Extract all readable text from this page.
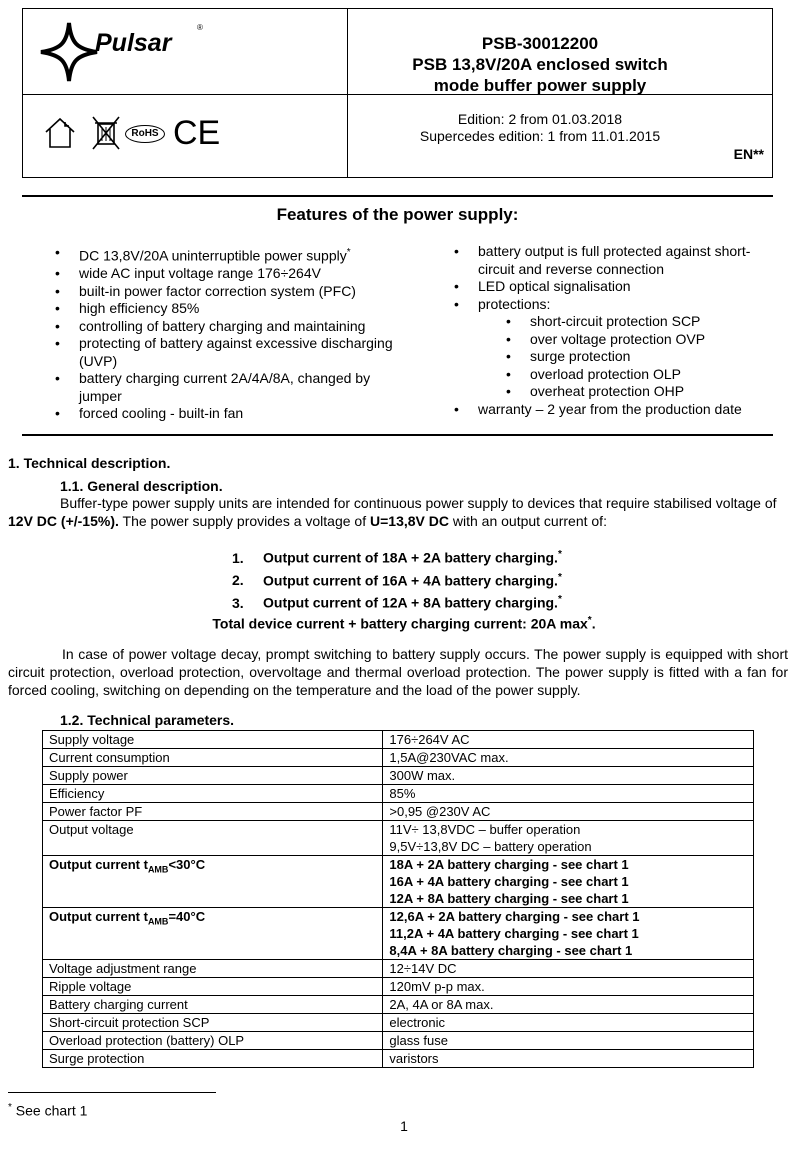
Pulsar
®
PSB-30012200
PSB 13,8V/20A enclosed switch
mode buffer power supply
RoHS CE	Edition: 2 from 01.03.2018
Supercedes edition: 1 from 11.01.2015
EN**
Features of the power supply:
• DC 13,8V/20A uninterruptible power supply*
• wide AC input voltage range 176÷264V
• built-in power factor correction system (PFC)
• high efficiency 85%
• controlling of battery charging and maintaining
• protecting of battery against excessive discharging (UVP)
• battery charging current 2A/4A/8A, changed by jumper
• forced cooling - built-in fan
• battery output is full protected against short-circuit and reverse connection
• LED optical signalisation
• protections:
• short-circuit protection SCP
• over voltage protection OVP
• surge protection
• overload protection OLP
• overheat protection OHP
• warranty – 2 year from the production date
1. Technical description.
1.1. General description.
Buffer-type power supply units are intended for continuous power supply to devices that require stabilised voltage of 12V DC (+/-15%). The power supply provides a voltage of U=13,8V DC with an output current of:
1. Output current of 18A + 2A battery charging.*
2. Output current of 16A + 4A battery charging.*
3. Output current of 12A + 8A battery charging.*
Total device current + battery charging current: 20A max*.
In case of power voltage decay, prompt switching to battery supply occurs. The power supply is equipped with short circuit protection, overload protection, overvoltage and thermal overload protection. The power supply is fitted with a fan for forced cooling, switching on depending on the temperature and the load of the power supply.
1.2. Technical parameters.
Supply voltage	176÷264V AC

Current consumption	1,5A@230VAC max.

Supply power	300W max.

Efficiency	85%

Power factor PF	>0,95 @230V AC

Output voltage	11V÷ 13,8VDC – buffer operation
9,5V÷13,8V DC – battery operation

Output current $t_{AMB}<30^\circ C$	18A + 2A battery charging - see chart 1
16A + 4A battery charging - see chart 1
12A + 8A battery charging - see chart 1

Output current $t_{AMB}=40^\circ C$	12,6A + 2A battery charging - see chart 1
11,2A + 4A battery charging - see chart 1
8,4A + 8A battery charging - see chart 1

Voltage adjustment range	12÷14V DC

Ripple voltage	120mV p-p max.

Battery charging current	2A, 4A or 8A max.

Short-circuit protection SCP	electronic

Overload protection (battery) OLP	glass fuse

Surge protection	varistors
* See chart 1
1
